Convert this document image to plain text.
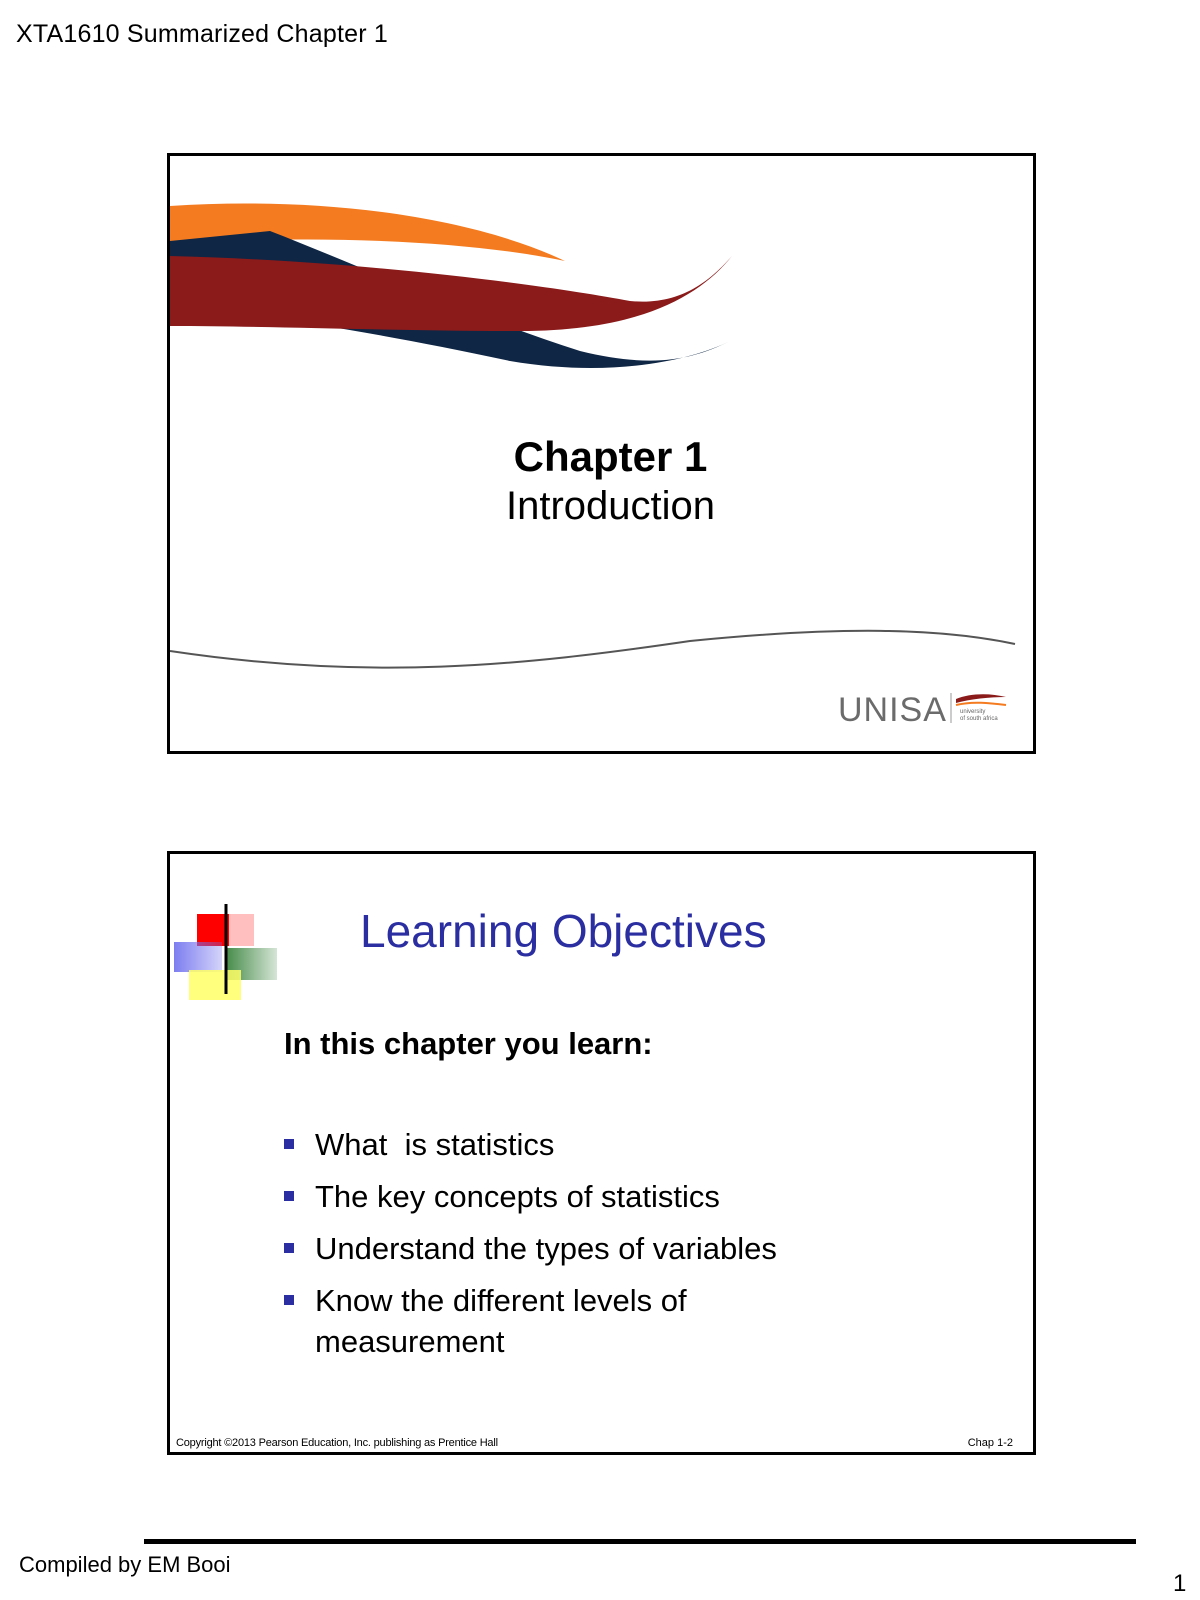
XTA1610 Summarized Chapter 1
Chapter 1
Introduction
UNISA university
of south africa
Learning Objectives
In this chapter you learn:
What  is statistics
The key concepts of statistics
Understand the types of variables
Know the different levels of measurement
Copyright ©2013 Pearson Education, Inc. publishing as Prentice Hall	Chap 1-2
Compiled by EM Booi
1
